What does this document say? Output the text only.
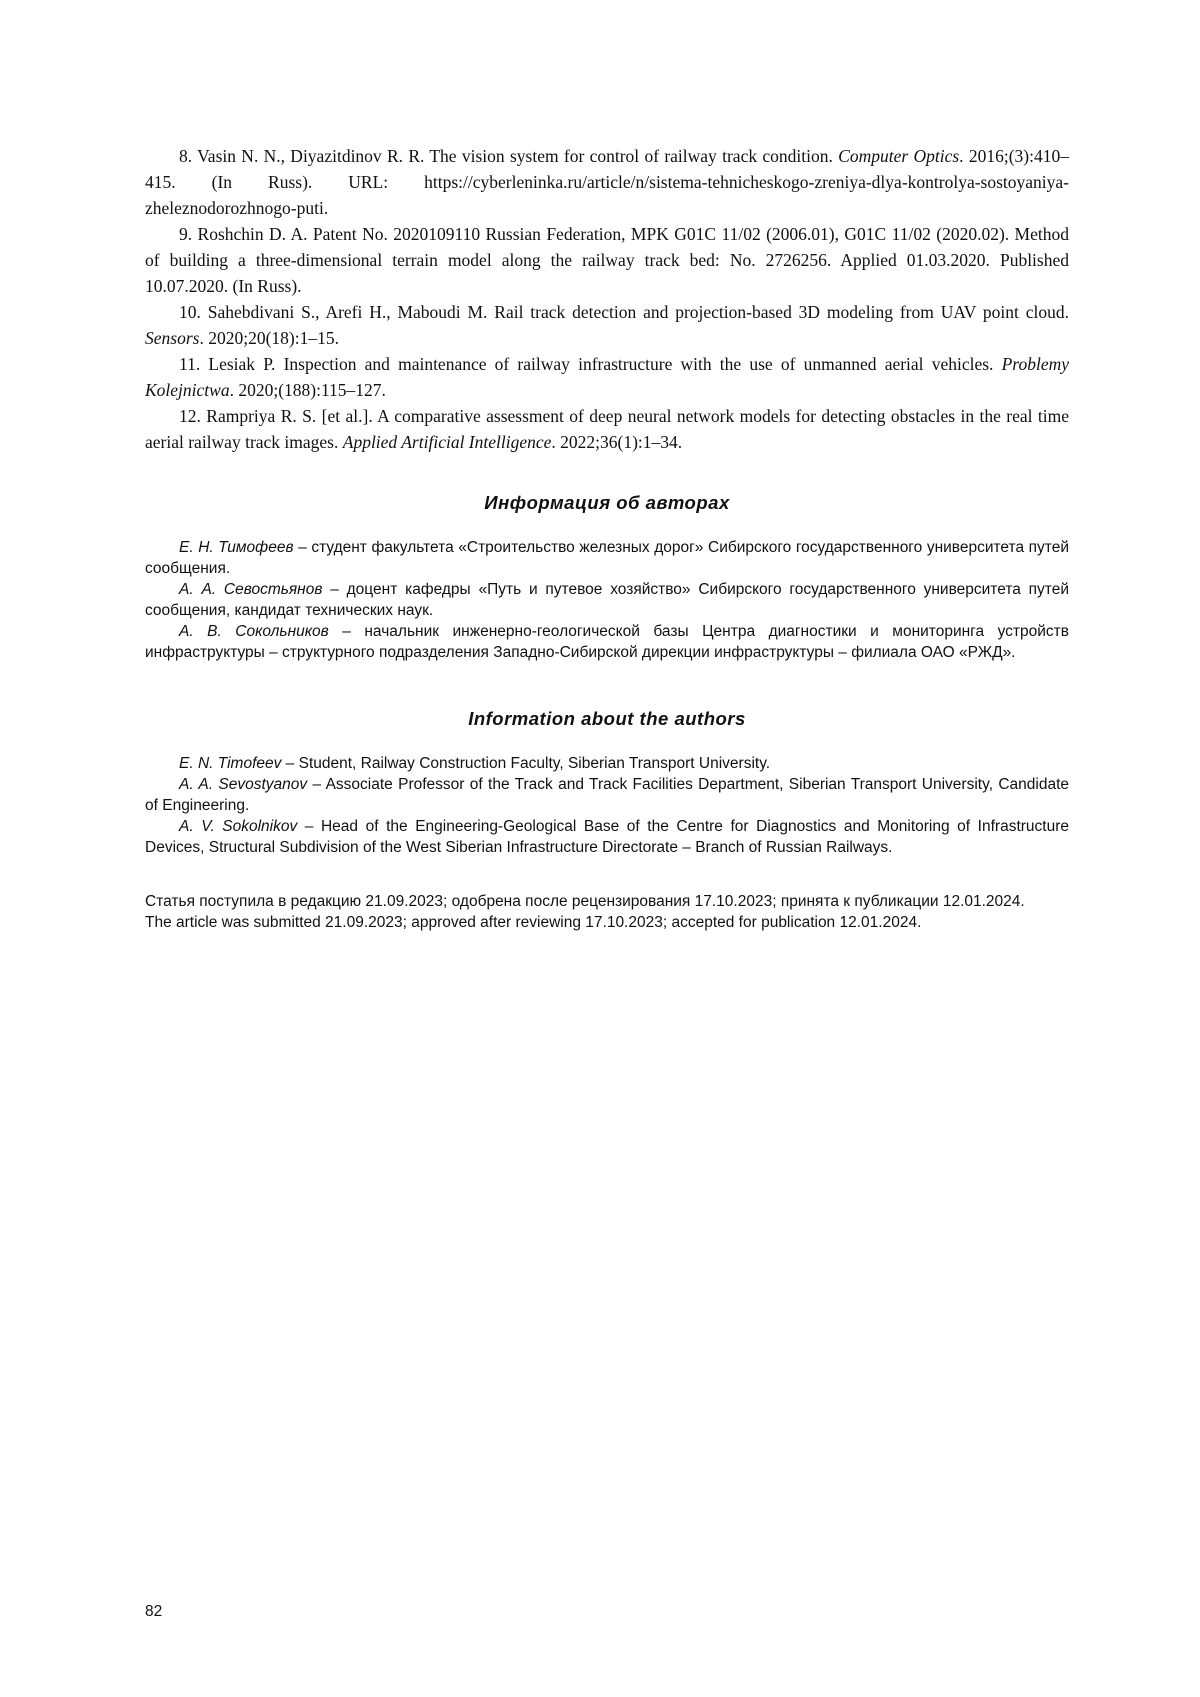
8. Vasin N. N., Diyazitdinov R. R. The vision system for control of railway track condition. Computer Optics. 2016;(3):410–415. (In Russ). URL: https://cyberleninka.ru/article/n/sistema-tehnicheskogo-zreniya-dlya-kontrolya-sostoyaniya-zheleznodorozhnogo-puti.

9. Roshchin D. A. Patent No. 2020109110 Russian Federation, MPK G01C 11/02 (2006.01), G01C 11/02 (2020.02). Method of building a three-dimensional terrain model along the railway track bed: No. 2726256. Applied 01.03.2020. Published 10.07.2020. (In Russ).

10. Sahebdivani S., Arefi H., Maboudi M. Rail track detection and projection-based 3D modeling from UAV point cloud. Sensors. 2020;20(18):1–15.

11. Lesiak P. Inspection and maintenance of railway infrastructure with the use of unmanned aerial vehicles. Problemy Kolejnictwa. 2020;(188):115–127.

12. Rampriya R. S. [et al.]. A comparative assessment of deep neural network models for detecting obstacles in the real time aerial railway track images. Applied Artificial Intelligence. 2022;36(1):1–34.

Информация об авторах

Е. Н. Тимофеев – студент факультета «Строительство железных дорог» Сибирского государственного университета путей сообщения.

А. А. Севостьянов – доцент кафедры «Путь и путевое хозяйство» Сибирского государственного университета путей сообщения, кандидат технических наук.

А. В. Сокольников – начальник инженерно-геологической базы Центра диагностики и мониторинга устройств инфраструктуры – структурного подразделения Западно-Сибирской дирекции инфраструктуры – филиала ОАО «РЖД».

Information about the authors

E. N. Timofeev – Student, Railway Construction Faculty, Siberian Transport University.

A. A. Sevostyanov – Associate Professor of the Track and Track Facilities Department, Siberian Transport University, Candidate of Engineering.

A. V. Sokolnikov – Head of the Engineering-Geological Base of the Centre for Diagnostics and Monitoring of Infrastructure Devices, Structural Subdivision of the West Siberian Infrastructure Directorate – Branch of Russian Railways.

Статья поступила в редакцию 21.09.2023; одобрена после рецензирования 17.10.2023; принята к публикации 12.01.2024.

The article was submitted 21.09.2023; approved after reviewing 17.10.2023; accepted for publication 12.01.2024.

82
